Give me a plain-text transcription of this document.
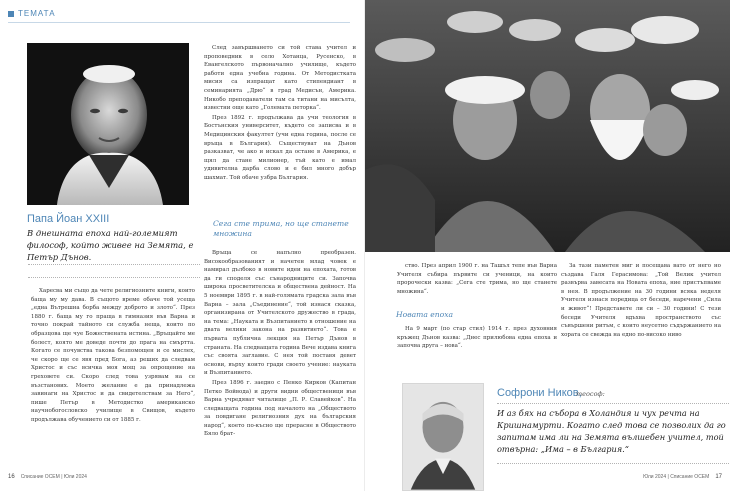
ТЕМАТА
Папа Йоан XXIII
В днешната епоха най-големият философ, който живее на Земята, е Петър Дънов.

Харесва ми също да чете религиозните книги, които баща му му дава. В същото време обаче той усеща „една Вътрешна борба между доброто и злото“. През 1880 г. баща му го праща в гимназия във Варна и точно покрай тайното си служба неща, които по образцова ще чуе Божествената истина. „Връщайте ме болест, която ме доведе почти до прага на смъртта. Когато се почувства такова безпомощен и се мислех, че скоро ще се явя пред Бога, аз реших да следвам Христос и със всичка моя мощ за опрощение на греховете си. Скоро след това узрявам на се възстанових. Моето желание е да принадлежа завинаги на Христос и да свидетелствам за Него“, пише Петър в Методистко американско научнобогословско училище в Свищов, където продължава обучението си от 1885 г.

След завършването си той става учител и проповедник в село Хотанца, Русенско, в Евангелското първоначално училище, където работи една учебна година. От Методистката мисия са изпращат като стипендиант в семинарията „Дрю“ в град Медисън, Америка. Никобо преподаватели там са титани на мисълта, известни още като „Големата петорка“.

През 1892 г. продължава да учи теология в Бостънския университет, където се записва и в Медицинския факултет (учи една година, после се връща в България). Съществуват на Дънов разказват, че ако и искал да остане в Америка, е щял да стане милионер, тъй като е имал удивителна дарба слово и е бил много добър шахмат. Той обаче узбра България.

Сега сте трима, но ще станете множина

Връща се напълно преобразен. Високообразованият и начетен млад човек е намирал дълбоко в новите идеи на епохата, готов да ги споделя със сънародниците си. Започва широка просветителска и обществена дейност. На 5 ноември 1895 г. в най-голямата градска зала във Варна – зала „Съединение“, той изнася сказка, организирана от Учителското дружество в града, на тема: „Науката и Възпитанието в отношение на двата велики закона на развитието“. Това е първата публична лекция на Петър Дънов в страната. На следващата година Вече издава книга със своята заглавие. С нея той поставя девет основи, върху които гради своето учение: науката и Възпитанието.

През 1896 г. заедно с Пенко Кирков (Капитан Петко Войвода) и други видни общественици във Варна учредяват читалище „П. Р. Славейков“. На следващата година под началото на „Обществото за повдигане религиозния дух на българския народ“, което по-късно ще прерасне в Обществото Бяло брат-

16 Списание ОСЕМ | Юли 2024

ство. През април 1900 г. на Ташъл тепе във Варна Учителя събира първите си ученици, на които пророчески казва: „Сега сте трима, но ще станете множина“.

Новата епоха

На 9 март (по стар стил) 1914 г. през духовния кръжец Дънов казва: „Днес прилюбова една епоха и започва друга – нова“.

За тази паметен миг и посещава вато от него но създава Галя Герасимова: „Той Велик учител развърва завесата на Новата епоха, ние пристъпваме в нея. В продължение на 30 години всяка неделя Учителя изнася поредица от беседи, наречени „Сила и живот“! Представете ли си – 30 години! С тези беседи Учителя вдъхва пространството със съвършени ритъм, с които неусетно съдържанието на хората се свежда на едно по-високо ниво

Софрони Ников,
теософ:
И аз бях на събора в Холандия и чух речта на Кришнамурти. Когато след това се позволих да го запитам има ли на Земята вълшебен учител, той отвърна: „Има – в България.“
Юли 2024 | Списание ОСЕМ 17
